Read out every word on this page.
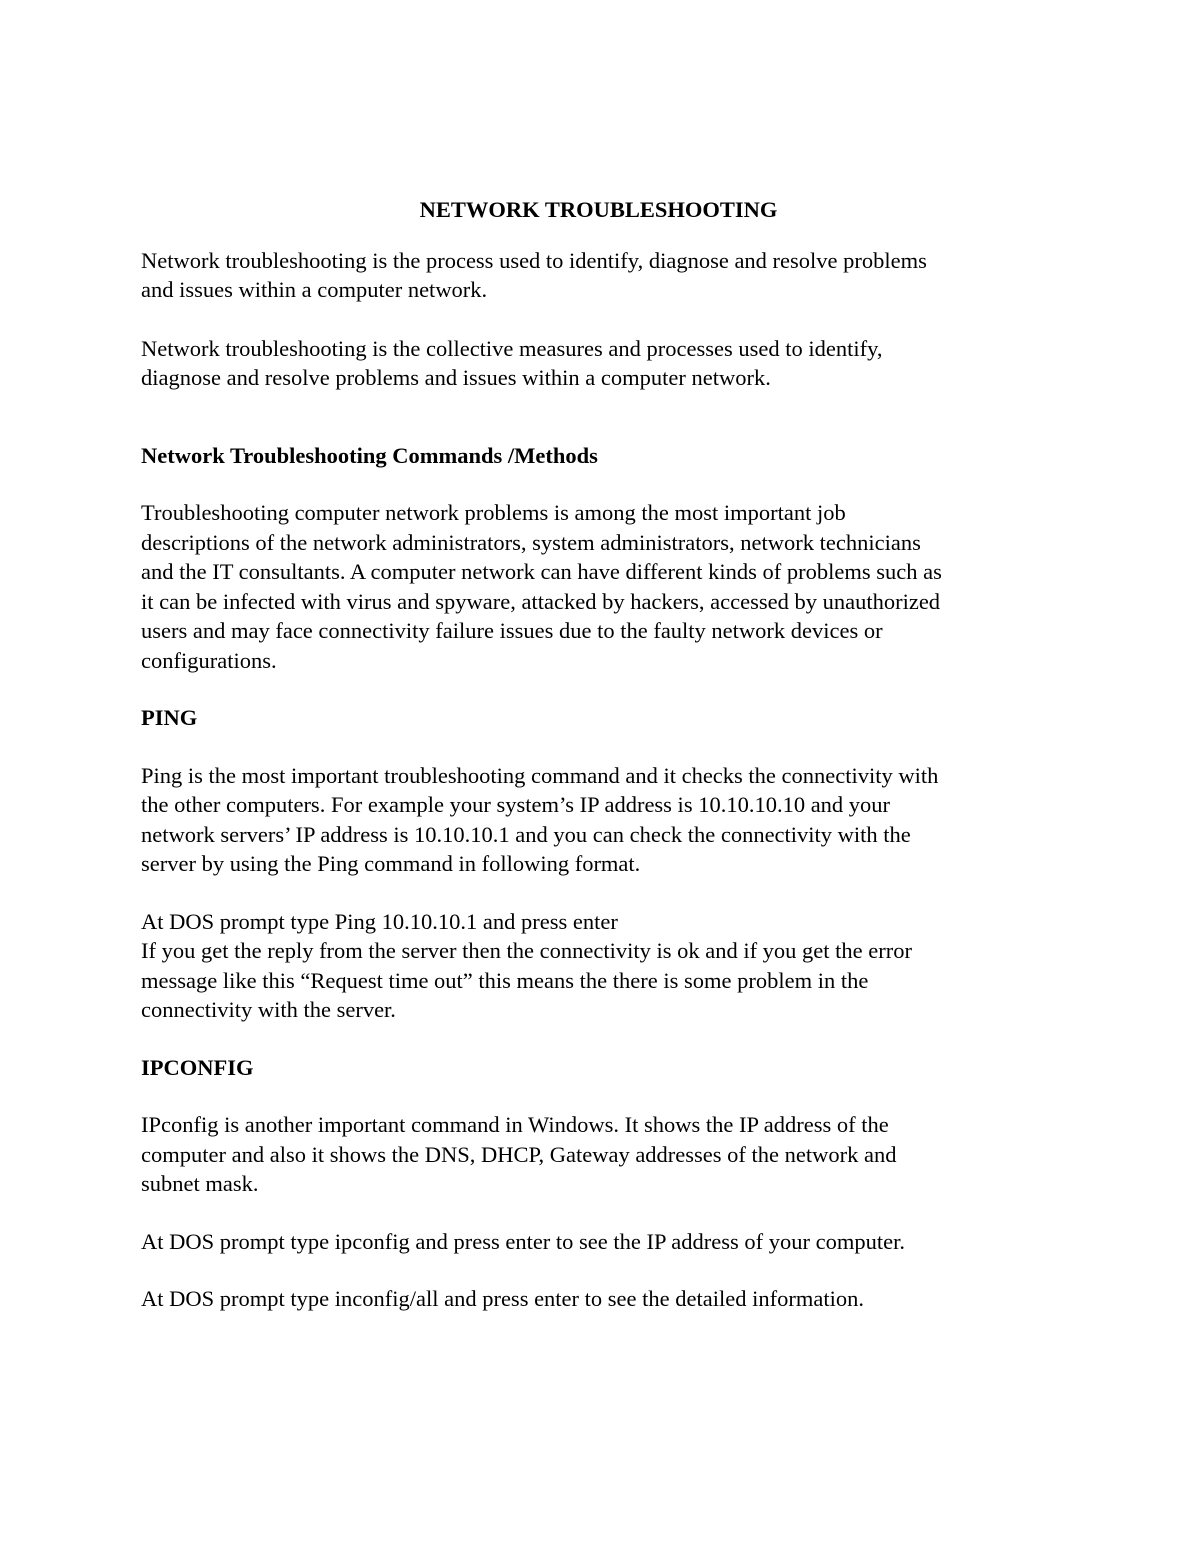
NETWORK TROUBLESHOOTING

Network troubleshooting is the process used to identify, diagnose and resolve problems
and issues within a computer network.

Network troubleshooting is the collective measures and processes used to identify,
diagnose and resolve problems and issues within a computer network.

Network Troubleshooting Commands /Methods

Troubleshooting computer network problems is among the most important job
descriptions of the network administrators, system administrators, network technicians
and the IT consultants. A computer network can have different kinds of problems such as
it can be infected with virus and spyware, attacked by hackers, accessed by unauthorized
users and may face connectivity failure issues due to the faulty network devices or
configurations.

PING

Ping is the most important troubleshooting command and it checks the connectivity with
the other computers. For example your system’s IP address is 10.10.10.10 and your
network servers’ IP address is 10.10.10.1 and you can check the connectivity with the
server by using the Ping command in following format.

At DOS prompt type Ping 10.10.10.1 and press enter
If you get the reply from the server then the connectivity is ok and if you get the error
message like this “Request time out” this means the there is some problem in the
connectivity with the server.

IPCONFIG

IPconfig is another important command in Windows. It shows the IP address of the
computer and also it shows the DNS, DHCP, Gateway addresses of the network and
subnet mask.

At DOS prompt type ipconfig and press enter to see the IP address of your computer.

At DOS prompt type inconfig/all and press enter to see the detailed information.
